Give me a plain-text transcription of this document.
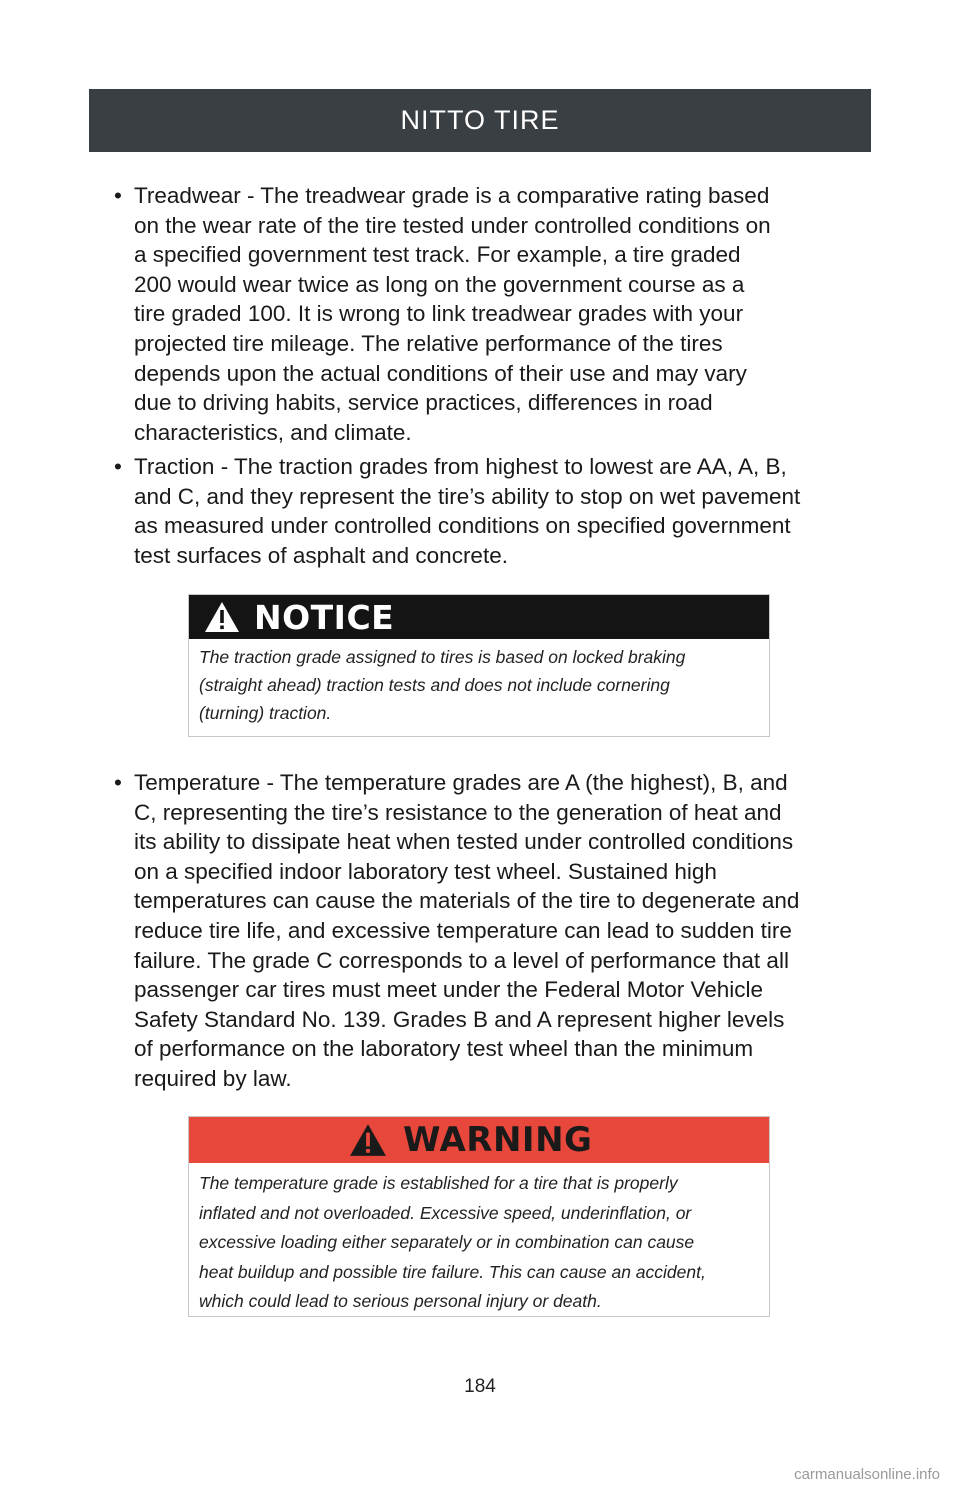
NITTO TIRE
• Treadwear - The treadwear grade is a comparative rating based
on the wear rate of the tire tested under controlled conditions on
a specified government test track. For example, a tire graded
200 would wear twice as long on the government course as a
tire graded 100. It is wrong to link treadwear grades with your
projected tire mileage. The relative performance of the tires
depends upon the actual conditions of their use and may vary
due to driving habits, service practices, differences in road
characteristics, and climate.
• Traction - The traction grades from highest to lowest are AA, A, B,
and C, and they represent the tire’s ability to stop on wet pavement
as measured under controlled conditions on specified government
test surfaces of asphalt and concrete.
NOTICE
The traction grade assigned to tires is based on locked braking
(straight ahead) traction tests and does not include cornering
(turning) traction.
• Temperature - The temperature grades are A (the highest), B, and
C, representing the tire’s resistance to the generation of heat and
its ability to dissipate heat when tested under controlled conditions
on a specified indoor laboratory test wheel. Sustained high
temperatures can cause the materials of the tire to degenerate and
reduce tire life, and excessive temperature can lead to sudden tire
failure. The grade C corresponds to a level of performance that all
passenger car tires must meet under the Federal Motor Vehicle
Safety Standard No. 139. Grades B and A represent higher levels
of performance on the laboratory test wheel than the minimum
required by law.
WARNING
The temperature grade is established for a tire that is properly
inflated and not overloaded. Excessive speed, underinflation, or
excessive loading either separately or in combination can cause
heat buildup and possible tire failure. This can cause an accident,
which could lead to serious personal injury or death.
184
carmanualsonline.info
